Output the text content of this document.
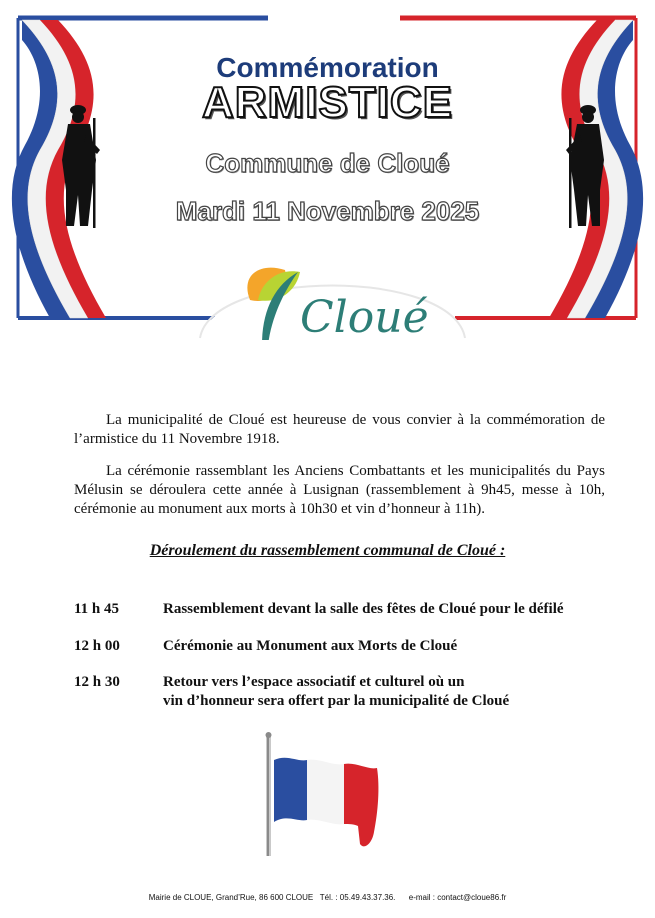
Commémoration
ARMISTICE
Commune de Cloué
Mardi 11 Novembre 2025
Cloué
La municipalité de Cloué est heureuse de vous convier à la commémoration de l’armistice du 11 Novembre 1918.
La cérémonie rassemblant les Anciens Combattants et les municipalités du Pays Mélusin se déroulera cette année à Lusignan (rassemblement à 9h45, messe à 10h, cérémonie au monument aux morts à 10h30 et vin d’honneur à 11h).
Déroulement du rassemblement communal de Cloué :
11 h 45	Rassemblement devant la salle des fêtes de Cloué pour le défilé
12 h 00	Cérémonie au Monument aux Morts de Cloué
12 h 30	Retour vers l’espace associatif et culturel où un
vin d’honneur sera offert par la municipalité de Cloué
Mairie de CLOUE, Grand’Rue, 86 600 CLOUE Tél. : 05.49.43.37.36. e-mail : contact@cloue86.fr
